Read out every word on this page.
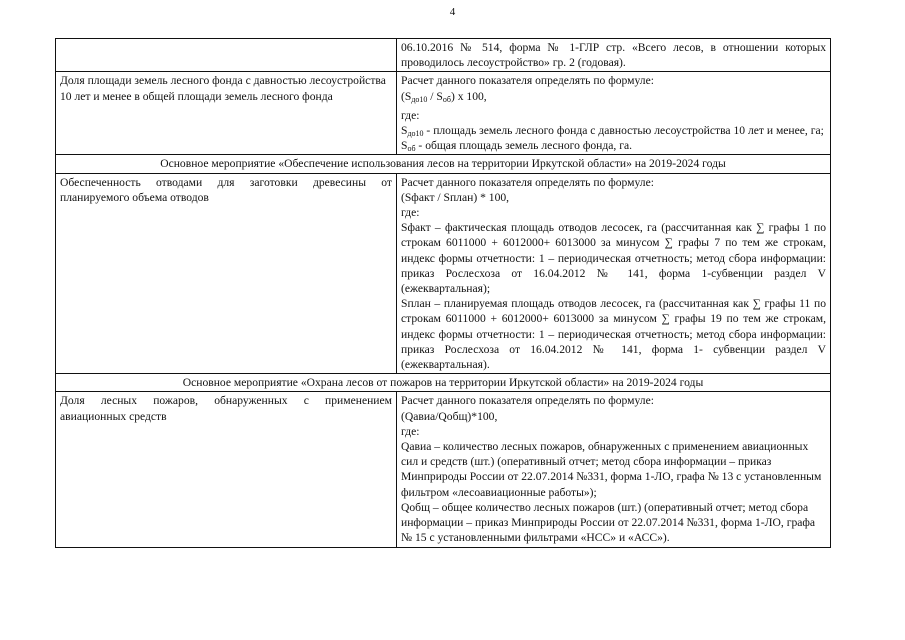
4

	06.10.2016 № 514, форма № 1-ГЛР стр. «Всего лесов, в отношении которых проводилось лесоустройство» гр. 2 (годовая).

Доля площади земель лесного фонда с давностью лесоустройства 10 лет и менее в общей площади земель лесного фонда	Расчет данного показателя определять по формуле:
$(S_{до10} / S_{об})$ x 100,
где:
$S_{до10}$ - площадь земель лесного фонда с давностью лесоустройства 10 лет и менее, га;
$S_{об}$ - общая площадь земель лесного фонда, га.

Основное мероприятие «Обеспечение использования лесов на территории Иркутской области» на 2019-2024 годы	
Обеспеченность отводами для заготовки древесины от планируемого объема отводов	Расчет данного показателя определять по формуле:
(Sфакт / Sплан) * 100,
где:
Sфакт – фактическая площадь отводов лесосек, га (рассчитанная как ∑ графы 1 по строкам 6011000 + 6012000+ 6013000 за минусом ∑ графы 7 по тем же строкам, индекс формы отчетности: 1 – периодическая отчетность; метод сбора информации: приказ Рослесхоза от 16.04.2012 № 141, форма 1-субвенции раздел V (ежеквартальная);
Sплан – планируемая площадь отводов лесосек, га (рассчитанная как ∑ графы 11 по строкам 6011000 + 6012000+ 6013000 за минусом ∑ графы 19 по тем же строкам, индекс формы отчетности: 1 – периодическая отчетность; метод сбора информации: приказ Рослесхоза от 16.04.2012 № 141, форма 1- субвенции раздел V (ежеквартальная).

Основное мероприятие «Охрана лесов от пожаров на территории Иркутской области» на 2019-2024 годы	
Доля лесных пожаров, обнаруженных с применением авиационных средств	Расчет данного показателя определять по формуле:
(Qавиа/Qобщ)*100,
где:
Qавиа – количество лесных пожаров, обнаруженных с применением авиационных сил и средств (шт.) (оперативный отчет; метод сбора информации – приказ Минприроды России от 22.07.2014 №331, форма 1-ЛО, графа № 13 с установленным фильтром «лесоавиационные работы»);
Qобщ – общее количество лесных пожаров (шт.) (оперативный отчет; метод сбора информации – приказ Минприроды России от 22.07.2014 №331, форма 1-ЛО, графа № 15 с установленными фильтрами «НСС» и «АСС»).
